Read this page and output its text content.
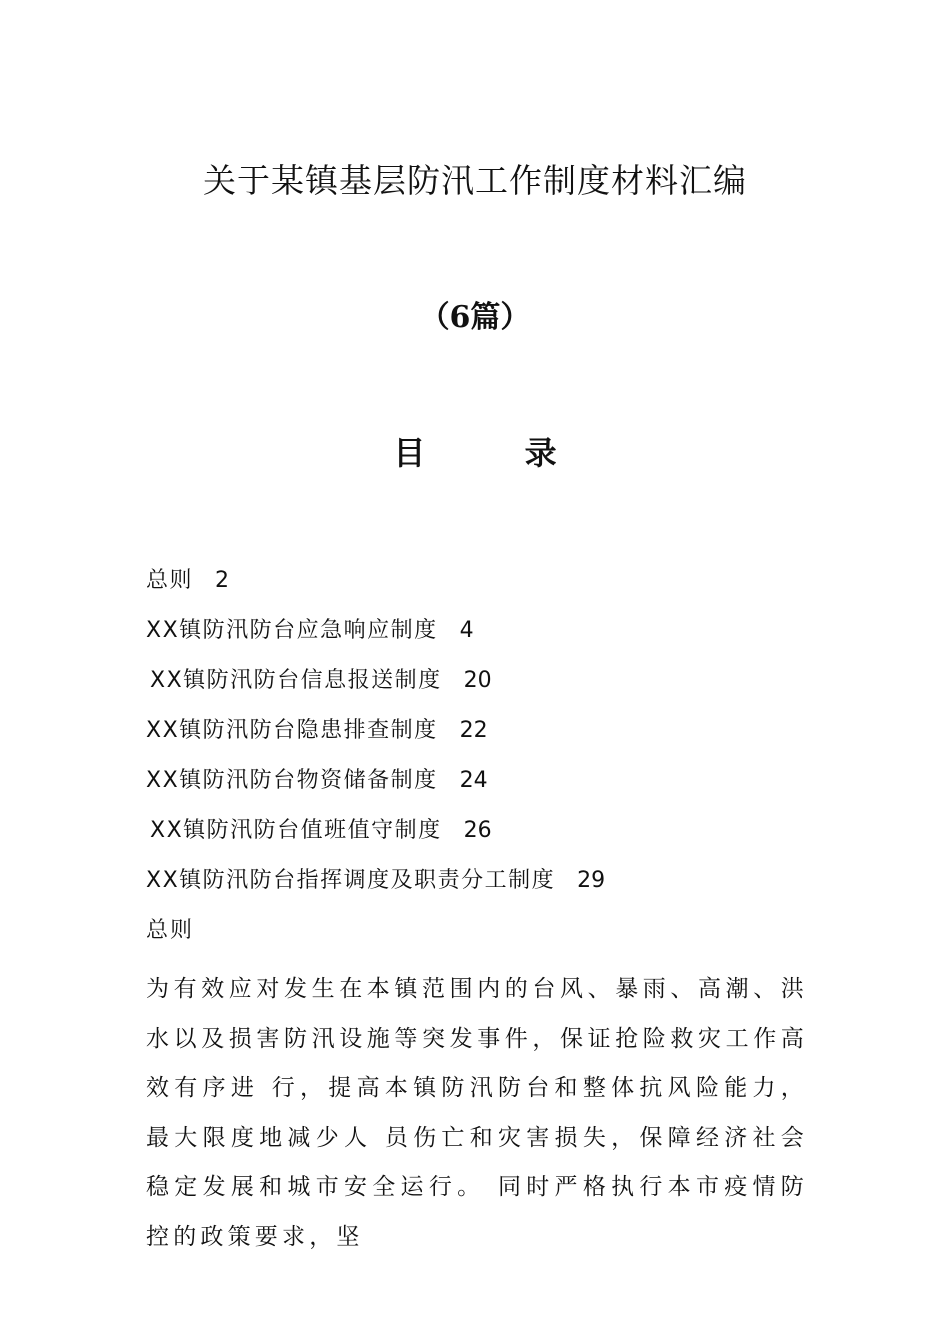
关于某镇基层防汛工作制度材料汇编
（6篇）
目 录
总则 2
XX镇防汛防台应急响应制度 4
XX镇防汛防台信息报送制度 20
XX镇防汛防台隐患排查制度 22
XX镇防汛防台物资储备制度 24
XX镇防汛防台值班值守制度 26
XX镇防汛防台指挥调度及职责分工制度 29
总则

为有效应对发生在本镇范围内的台风、暴雨、高潮、洪水以及损害防汛设施等突发事件，保证抢险救灾工作高效有序进 行，提高本镇防汛防台和整体抗风险能力，最大限度地减少人 员伤亡和灾害损失，保障经济社会稳定发展和城市安全运行。 同时严格执行本市疫情防控的政策要求，坚
